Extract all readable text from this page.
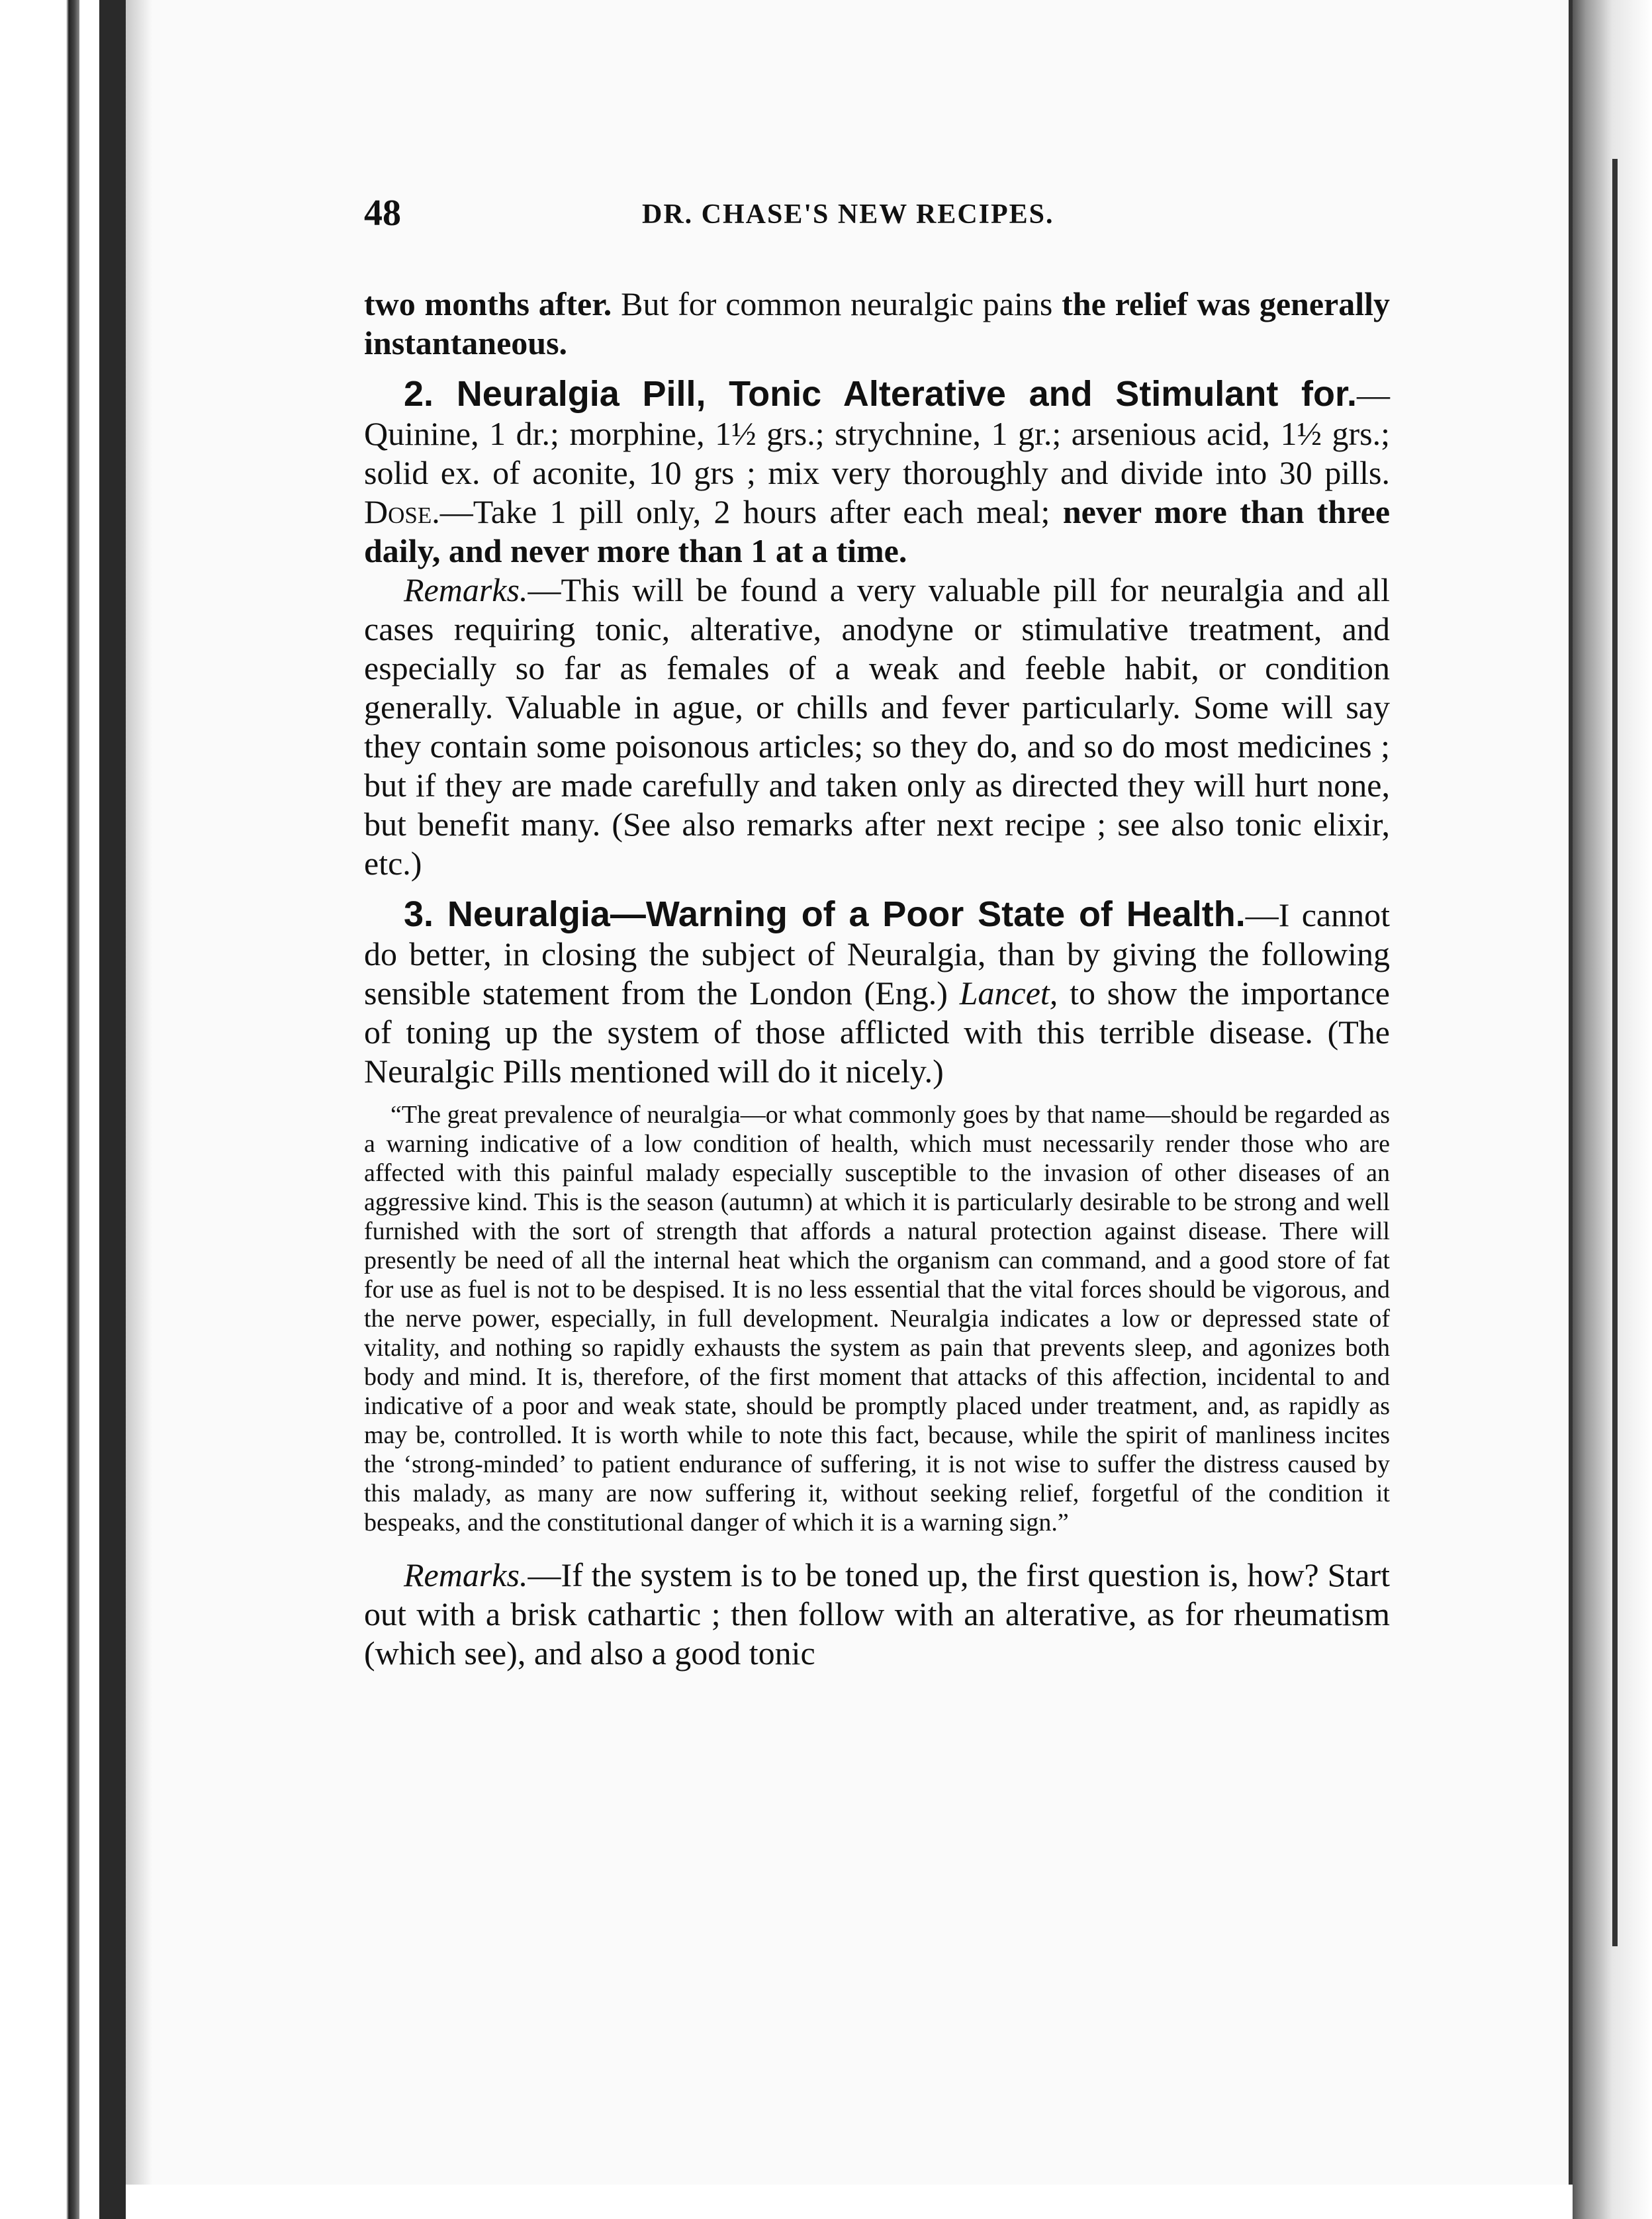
48	DR. CHASE'S NEW RECIPES.

two months after. But for common neuralgic pains the relief was generally instantaneous.

2. Neuralgia Pill, Tonic Alterative and Stimulant for.—Quinine, 1 dr.; morphine, 1½ grs.; strychnine, 1 gr.; arsenious acid, 1½ grs.; solid ex. of aconite, 10 grs ; mix very thoroughly and divide into 30 pills. Dose.—Take 1 pill only, 2 hours after each meal; never more than three daily, and never more than 1 at a time.

Remarks.—This will be found a very valuable pill for neuralgia and all cases requiring tonic, alterative, anodyne or stimulative treatment, and especially so far as females of a weak and feeble habit, or condition generally. Valuable in ague, or chills and fever particularly. Some will say they contain some poisonous articles; so they do, and so do most medicines ; but if they are made carefully and taken only as directed they will hurt none, but benefit many. (See also remarks after next recipe ; see also tonic elixir, etc.)

3. Neuralgia—Warning of a Poor State of Health.—I cannot do better, in closing the subject of Neuralgia, than by giving the following sensible statement from the London (Eng.) Lancet, to show the importance of toning up the system of those afflicted with this terrible disease. (The Neuralgic Pills mentioned will do it nicely.)

“The great prevalence of neuralgia—or what commonly goes by that name—should be regarded as a warning indicative of a low condition of health, which must necessarily render those who are affected with this painful malady especially susceptible to the invasion of other diseases of an aggressive kind. This is the season (autumn) at which it is particularly desirable to be strong and well furnished with the sort of strength that affords a natural protection against disease. There will presently be need of all the internal heat which the organism can command, and a good store of fat for use as fuel is not to be despised. It is no less essential that the vital forces should be vigorous, and the nerve power, especially, in full development. Neuralgia indicates a low or depressed state of vitality, and nothing so rapidly exhausts the system as pain that prevents sleep, and agonizes both body and mind. It is, therefore, of the first moment that attacks of this affection, incidental to and indicative of a poor and weak state, should be promptly placed under treatment, and, as rapidly as may be, controlled. It is worth while to note this fact, because, while the spirit of manliness incites the ‘strong-minded’ to patient endurance of suffering, it is not wise to suffer the distress caused by this malady, as many are now suffering it, without seeking relief, forgetful of the condition it bespeaks, and the constitutional danger of which it is a warning sign.”

Remarks.—If the system is to be toned up, the first question is, how? Start out with a brisk cathartic ; then follow with an alterative, as for rheumatism (which see), and also a good tonic
